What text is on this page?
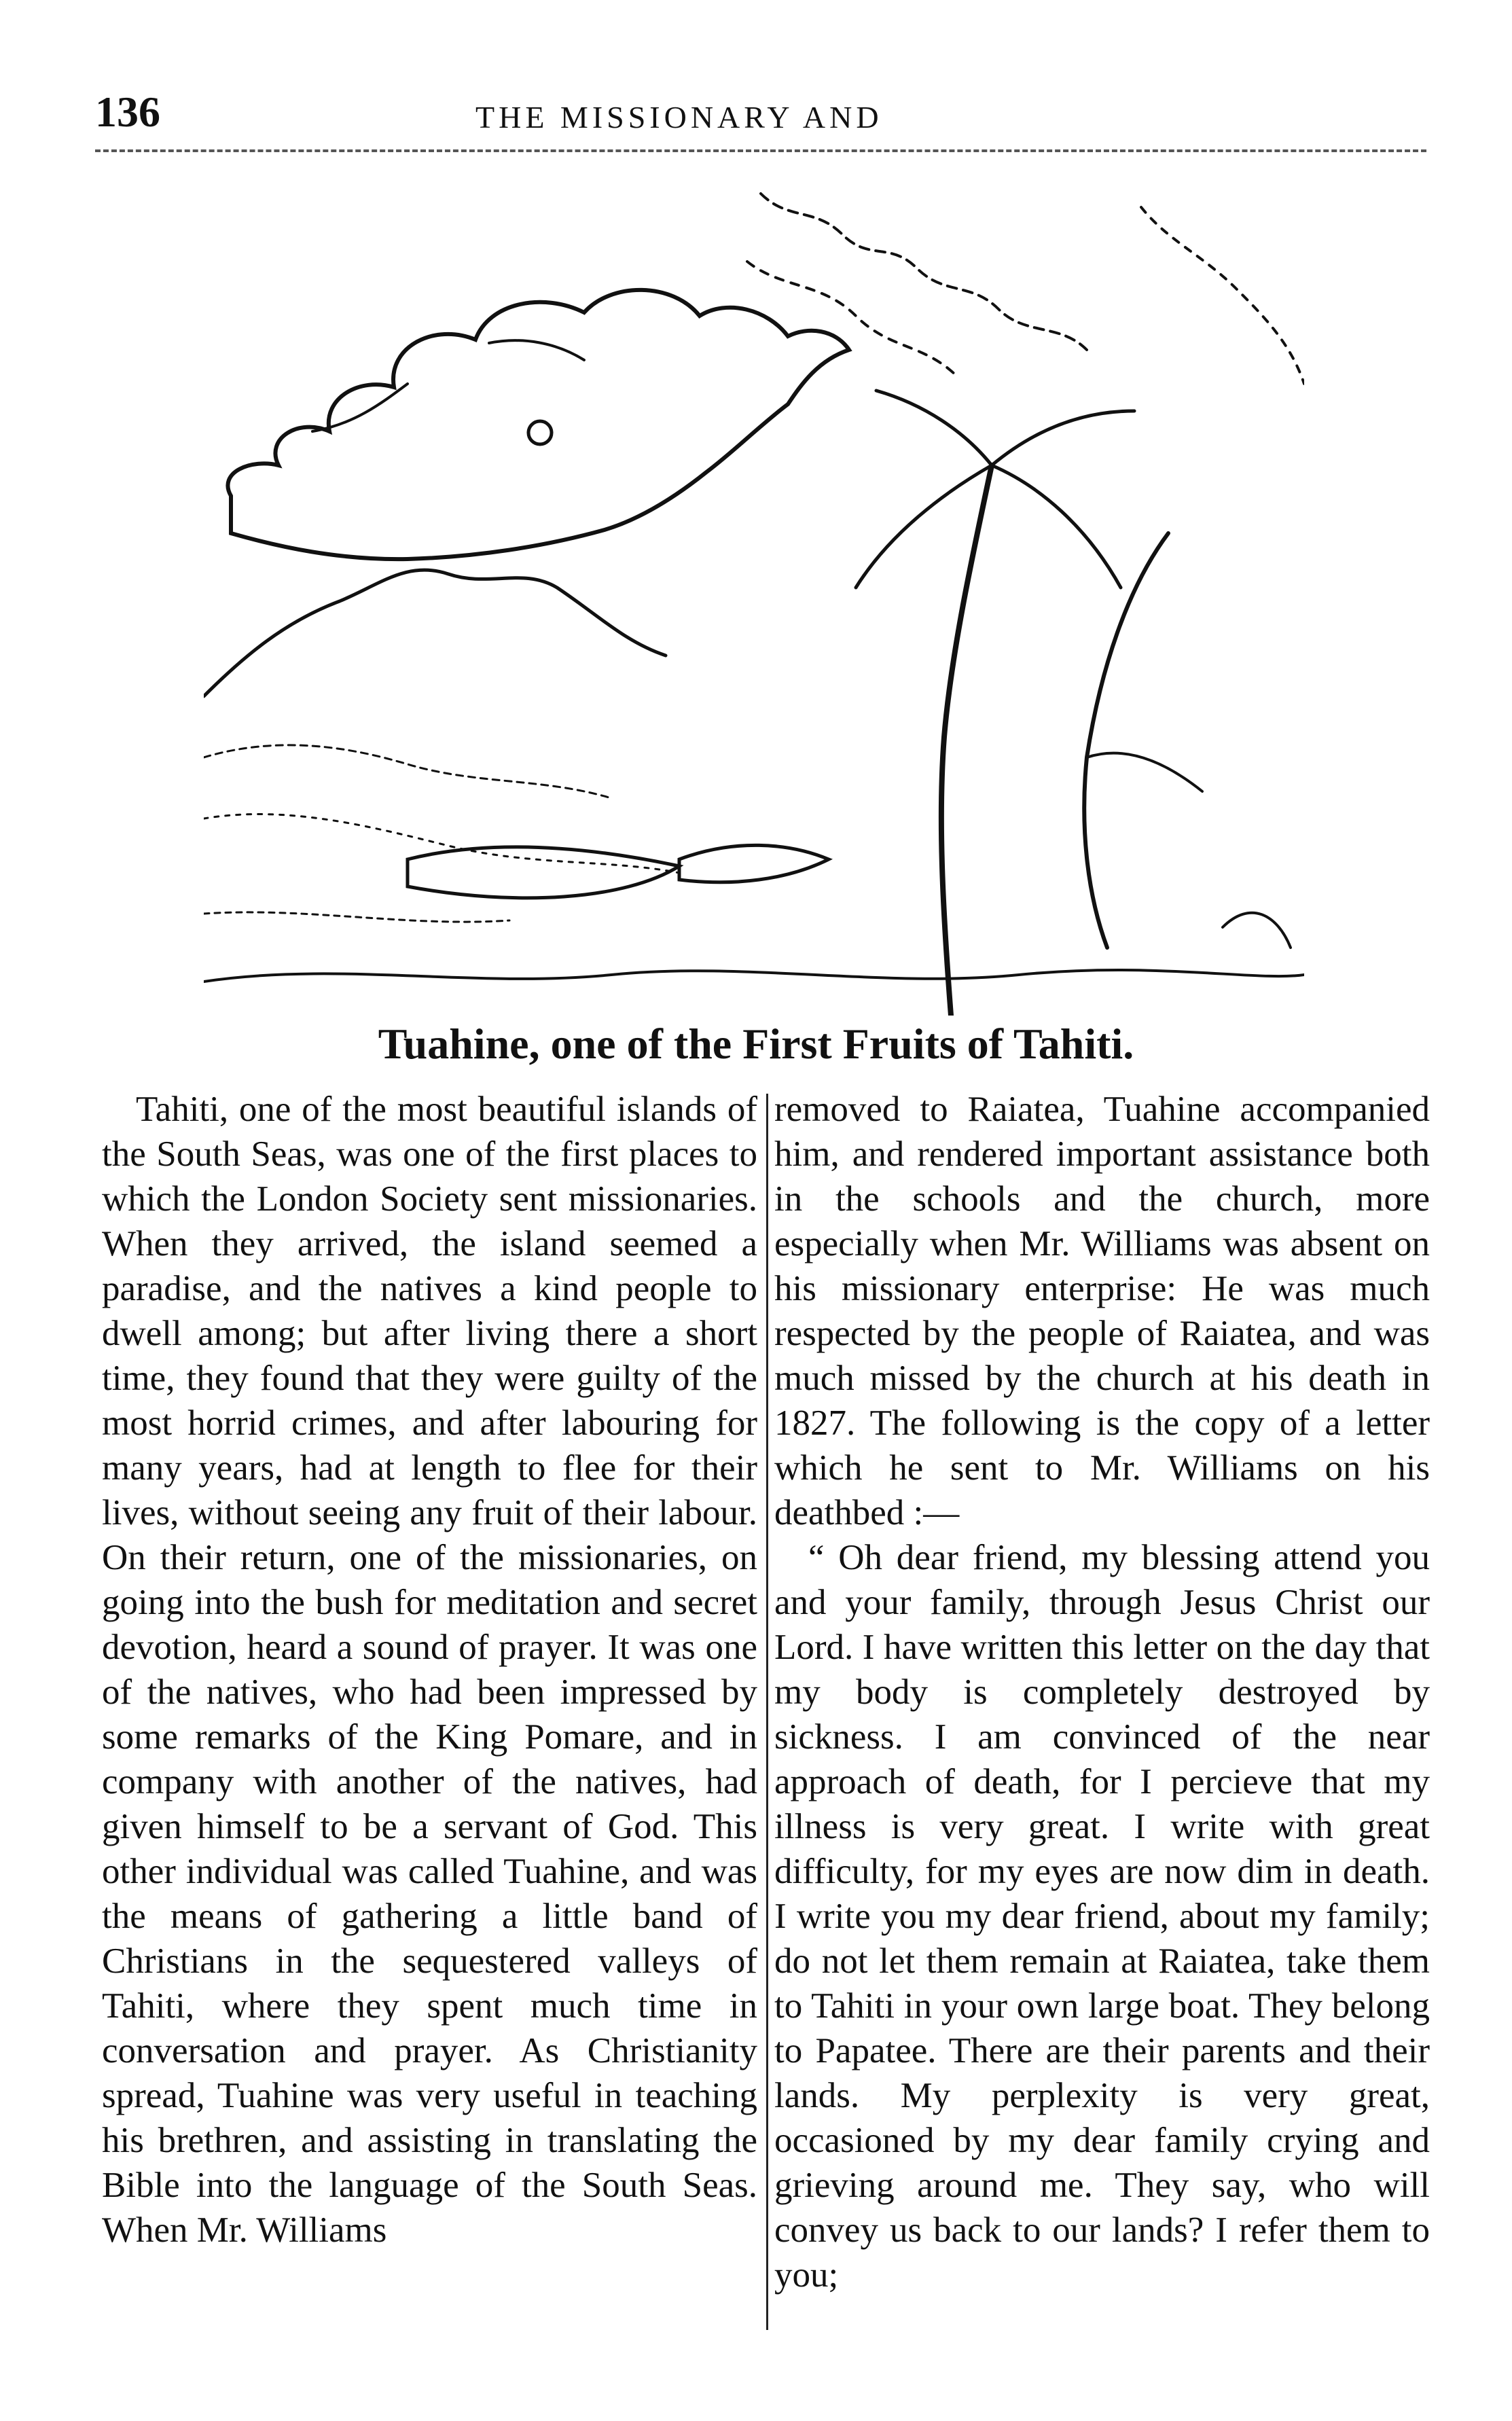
136	THE MISSIONARY AND
Tuahine, one of the First Fruits of Tahiti.

Tahiti, one of the most beautiful islands of the South Seas, was one of the first places to which the London Society sent missionaries. When they arrived, the island seemed a paradise, and the natives a kind people to dwell among; but after living there a short time, they found that they were guilty of the most horrid crimes, and after labouring for many years, had at length to flee for their lives, without seeing any fruit of their labour. On their return, one of the missionaries, on going into the bush for meditation and secret devotion, heard a sound of prayer. It was one of the natives, who had been impressed by some remarks of the King Pomare, and in company with another of the natives, had given himself to be a servant of God. This other individual was called Tuahine, and was the means of gathering a little band of Christians in the sequestered valleys of Tahiti, where they spent much time in conversation and prayer. As Christianity spread, Tuahine was very useful in teaching his brethren, and assisting in translating the Bible into the language of the South Seas. When Mr. Williams

removed to Raiatea, Tuahine accompanied him, and rendered important assistance both in the schools and the church, more especially when Mr. Williams was absent on his missionary enterprise: He was much respected by the people of Raiatea, and was much missed by the church at his death in 1827. The following is the copy of a letter which he sent to Mr. Williams on his deathbed :—

“ Oh dear friend, my blessing attend you and your family, through Jesus Christ our Lord. I have written this letter on the day that my body is completely destroyed by sickness. I am convinced of the near approach of death, for I percieve that my illness is very great. I write with great difficulty, for my eyes are now dim in death. I write you my dear friend, about my family; do not let them remain at Raiatea, take them to Tahiti in your own large boat. They belong to Papatee. There are their parents and their lands. My perplexity is very great, occasioned by my dear family crying and grieving around me. They say, who will convey us back to our lands? I refer them to you;
